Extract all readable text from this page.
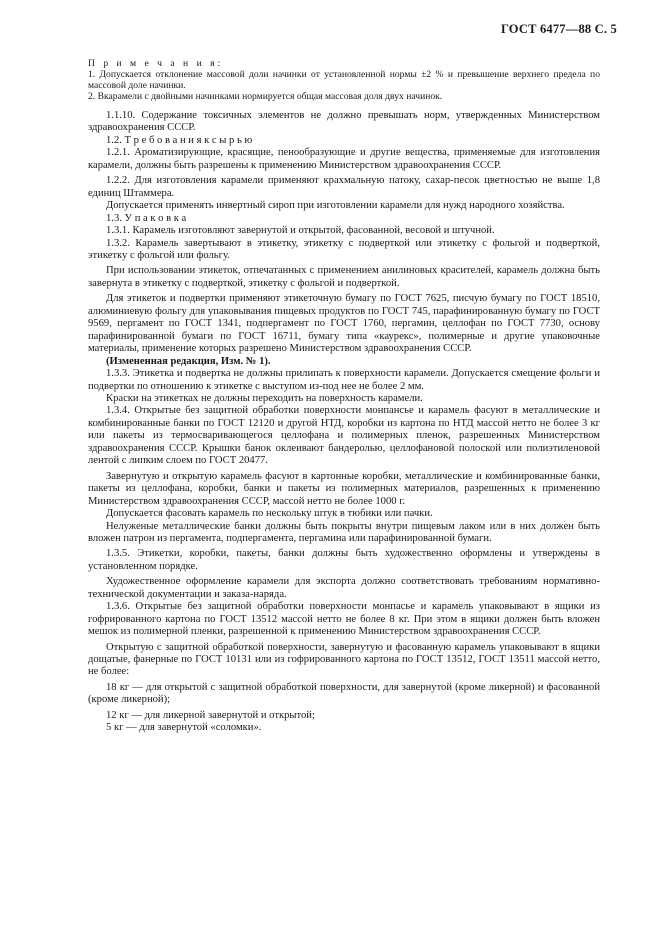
ГОСТ 6477—88 С. 5

П р и м е ч а н и я:

1. Допускается отклонение массовой доли начинки от установленной нормы ±2 % и превышение верхнего предела по массовой доле начинки.

2. Вкарамели с двойными начинками нормируется общая массовая доля двух начинок.

1.1.10. Содержание токсичных элементов не должно превышать норм, утвержденных Министерством здравоохранения СССР.

1.2. Т р е б о в а н и я к с ы р ь ю

1.2.1. Ароматизирующие, красящие, пенообразующие и другие вещества, применяемые для изготовления карамели, должны быть разрешены к применению Министерством здравоохранения СССР.

1.2.2. Для изготовления карамели применяют крахмальную патоку, сахар-песок цветностью не выше 1,8 единиц Штаммера.

Допускается применять инвертный сироп при изготовлении карамели для нужд народного хозяйства.

1.3. У п а к о в к а

1.3.1. Карамель изготовляют завернутой и открытой, фасованной, весовой и штучной.

1.3.2. Карамель завертывают в этикетку, этикетку с подверткой или этикетку с фольгой и подверткой, этикетку с фольгой или фольгу.

При использовании этикеток, отпечатанных с применением анилиновых красителей, карамель должна быть завернута в этикетку с подверткой, этикетку с фольгой и подверткой.

Для этикеток и подвертки применяют этикеточную бумагу по ГОСТ 7625, писчую бумагу по ГОСТ 18510, алюминиевую фольгу для упаковывания пищевых продуктов по ГОСТ 745, парафинированную бумагу по ГОСТ 9569, пергамент по ГОСТ 1341, подпергамент по ГОСТ 1760, пергамин, целлофан по ГОСТ 7730, основу парафинированной бумаги по ГОСТ 16711, бумагу типа «каурекс», полимерные и другие упаковочные материалы, применение которых разрешено Министерством здравоохранения СССР.

(Измененная редакция, Изм. № 1).

1.3.3. Этикетка и подвертка не должны прилипать к поверхности карамели. Допускается смещение фольги и подвертки по отношению к этикетке с выступом из-под нее не более 2 мм.

Краски на этикетках не должны переходить на поверхность карамели.

1.3.4. Открытые без защитной обработки поверхности монпансье и карамель фасуют в металлические и комбинированные банки по ГОСТ 12120 и другой НТД, коробки из картона по НТД массой нетто не более 3 кг или пакеты из термосваривающегося целлофана и полимерных пленок, разрешенных Министерством здравоохранения СССР. Крышки банок оклеивают бандеролью, целлофановой полоской или полиэтиленовой лентой с липким слоем по ГОСТ 20477.

Завернутую и открытую карамель фасуют в картонные коробки, металлические и комбинированные банки, пакеты из целлофана, коробки, банки и пакеты из полимерных материалов, разрешенных к применению Министерством здравоохранения СССР, массой нетто не более 1000 г.

Допускается фасовать карамель по нескольку штук в тюбики или пачки.

Нелуженые металлические банки должны быть покрыты внутри пищевым лаком или в них должен быть вложен патрон из пергамента, подпергамента, пергамина или парафинированной бумаги.

1.3.5. Этикетки, коробки, пакеты, банки должны быть художественно оформлены и утверждены в установленном порядке.

Художественное оформление карамели для экспорта должно соответствовать требованиям нормативно-технической документации и заказа-наряда.

1.3.6. Открытые без защитной обработки поверхности монпасье и карамель упаковывают в ящики из гофрированного картона по ГОСТ 13512 массой нетто не более 8 кг. При этом в ящики должен быть вложен мешок из полимерной пленки, разрешенной к применению Министерством здравоохранения СССР.

Открытую с защитной обработкой поверхности, завернутую и фасованную карамель упаковывают в ящики дощатые, фанерные по ГОСТ 10131 или из гофрированного картона по ГОСТ 13512, ГОСТ 13511 массой нетто, не более:

18 кг — для открытой с защитной обработкой поверхности, для завернутой (кроме ликерной) и фасованной (кроме ликерной);

12 кг — для ликерной завернутой и открытой;

5 кг — для завернутой «соломки».
